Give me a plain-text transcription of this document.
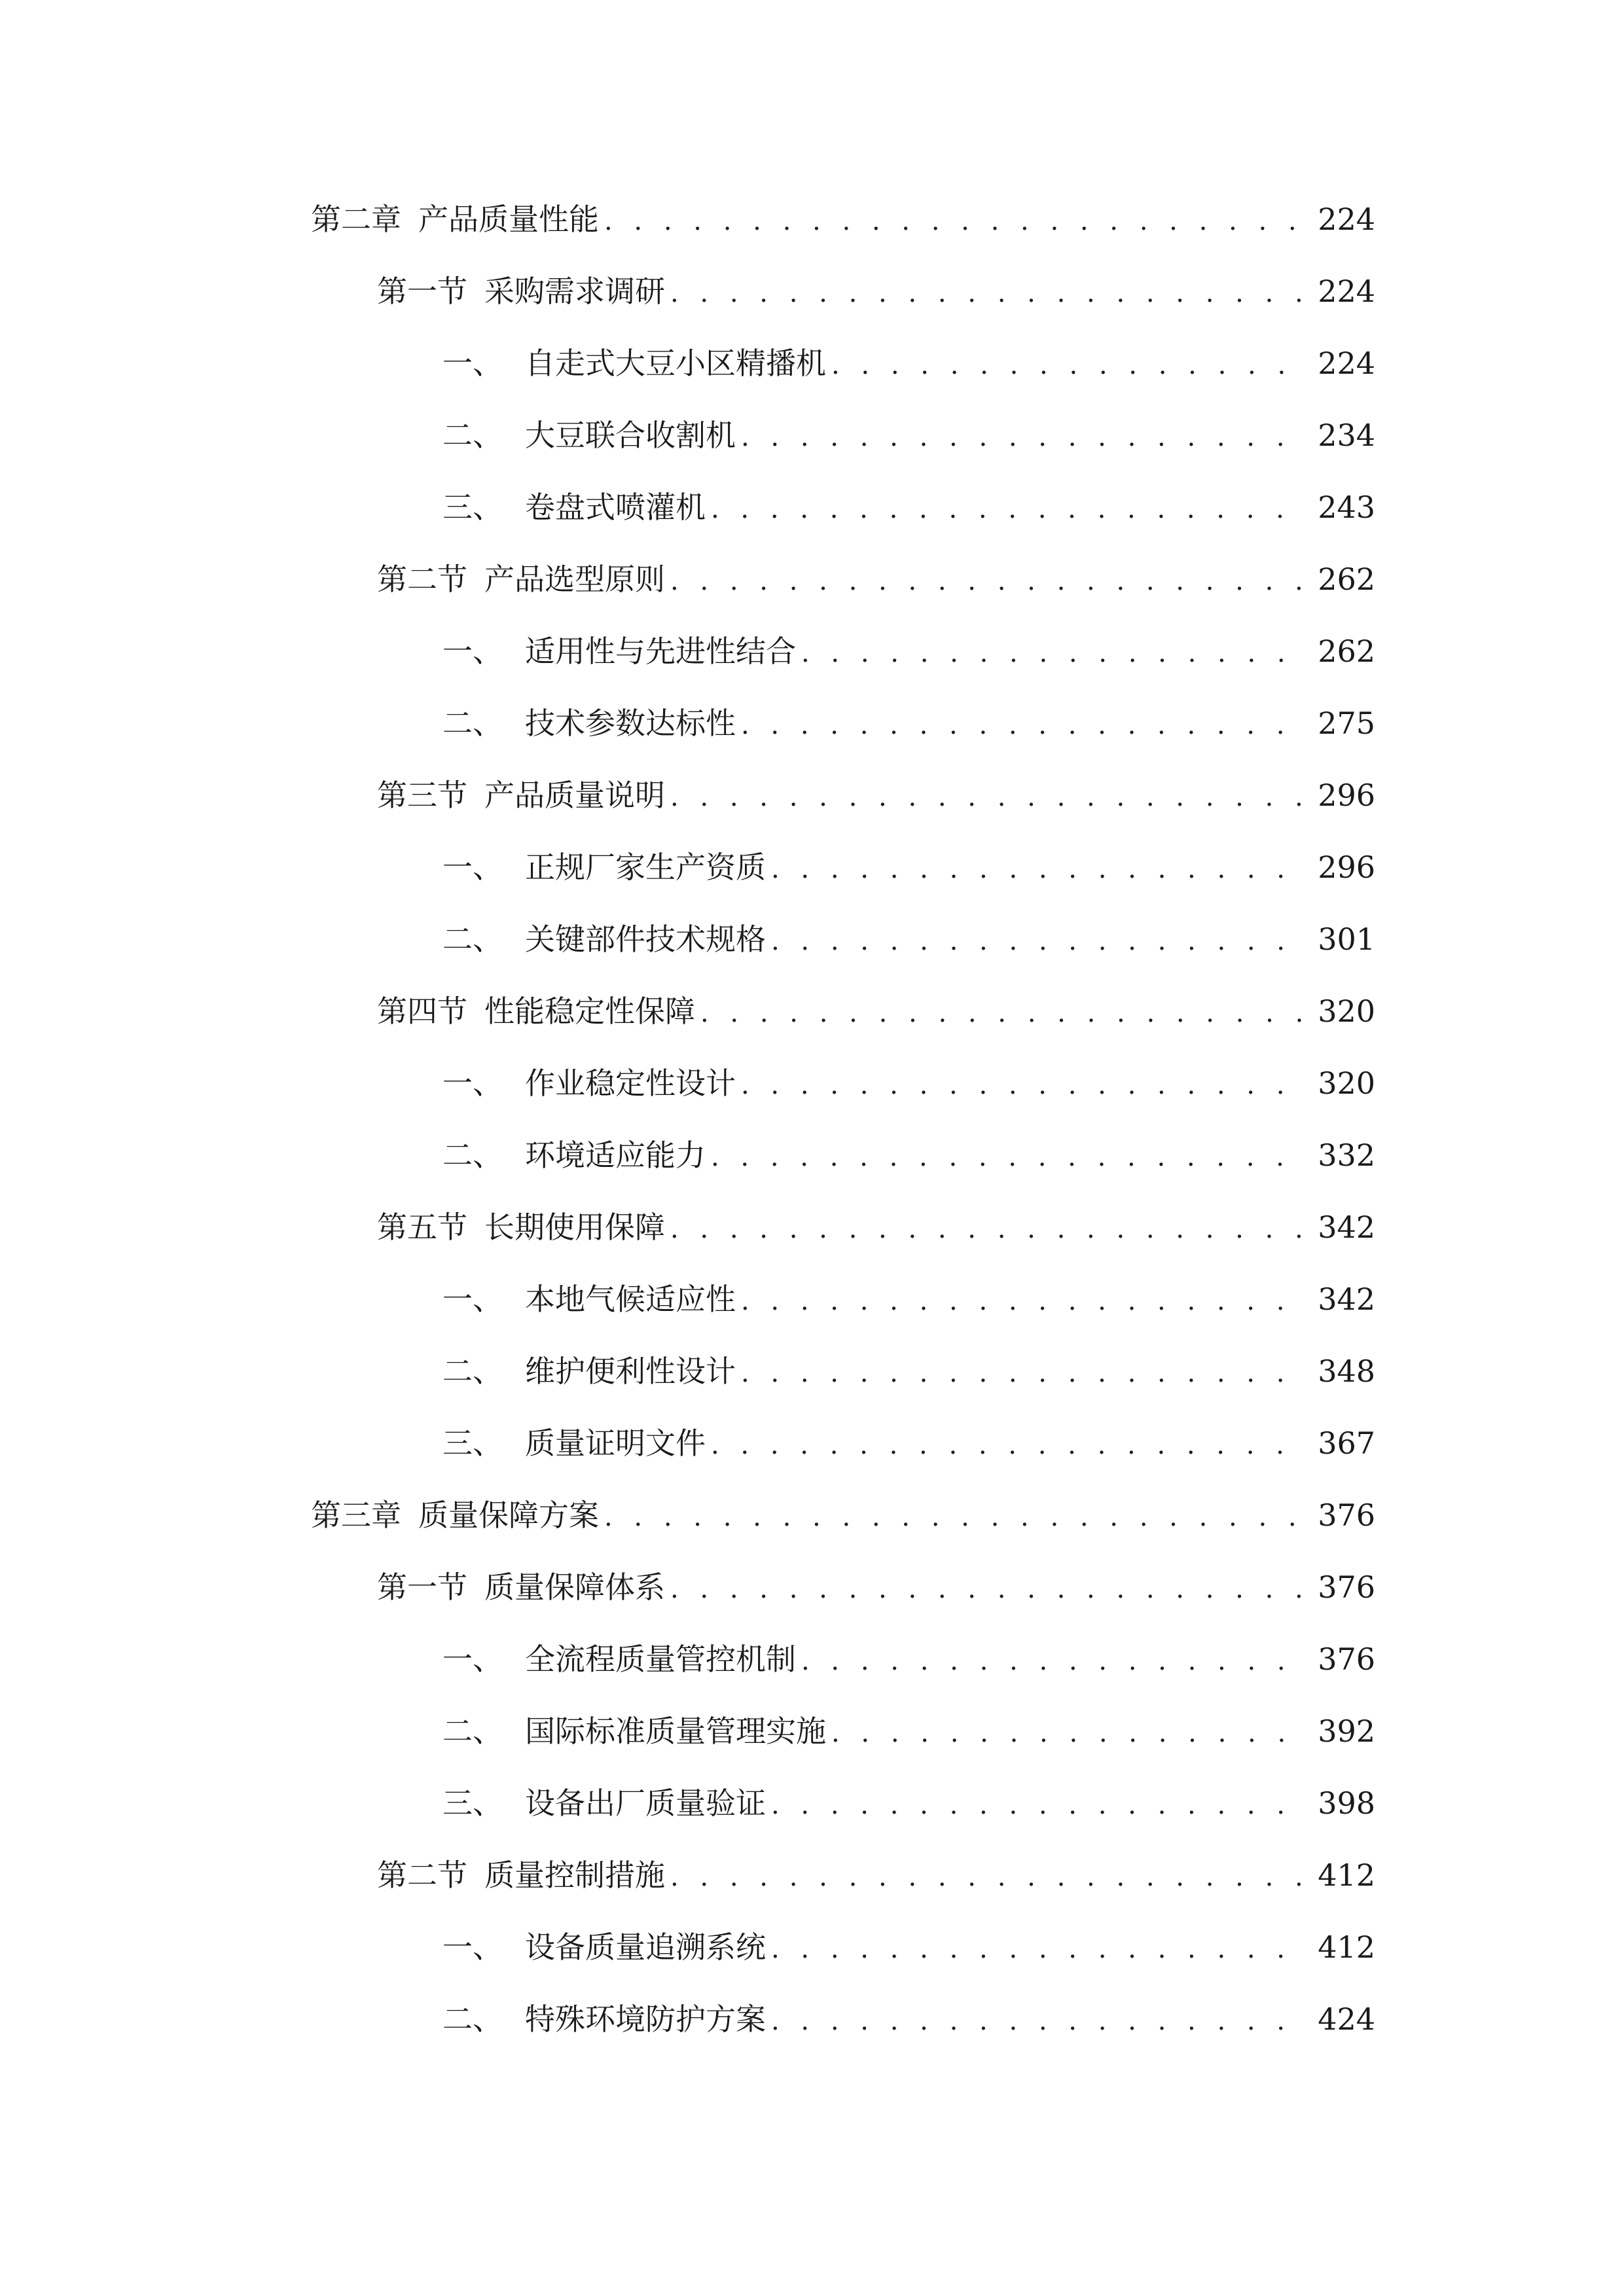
第二章 产品质量性能 . . .	224
第一节 采购需求调研 . . .	224
一、 自走式大豆小区精播机 . . .	224
二、 大豆联合收割机 . . .	234
三、 卷盘式喷灌机 . . .	243
第二节 产品选型原则 . . .	262
一、 适用性与先进性结合 . . .	262
二、 技术参数达标性 . . .	275
第三节 产品质量说明 . . .	296
一、 正规厂家生产资质 . . .	296
二、 关键部件技术规格 . . .	301
第四节 性能稳定性保障 . . .	320
一、 作业稳定性设计 . . .	320
二、 环境适应能力 . . .	332
第五节 长期使用保障 . . .	342
一、 本地气候适应性 . . .	342
二、 维护便利性设计 . . .	348
三、 质量证明文件 . . .	367
第三章 质量保障方案 . . .	376
第一节 质量保障体系 . . .	376
一、 全流程质量管控机制 . . .	376
二、 国际标准质量管理实施 . . .	392
三、 设备出厂质量验证 . . .	398
第二节 质量控制措施 . . .	412
一、 设备质量追溯系统 . . .	412
二、 特殊环境防护方案 . . .	424
